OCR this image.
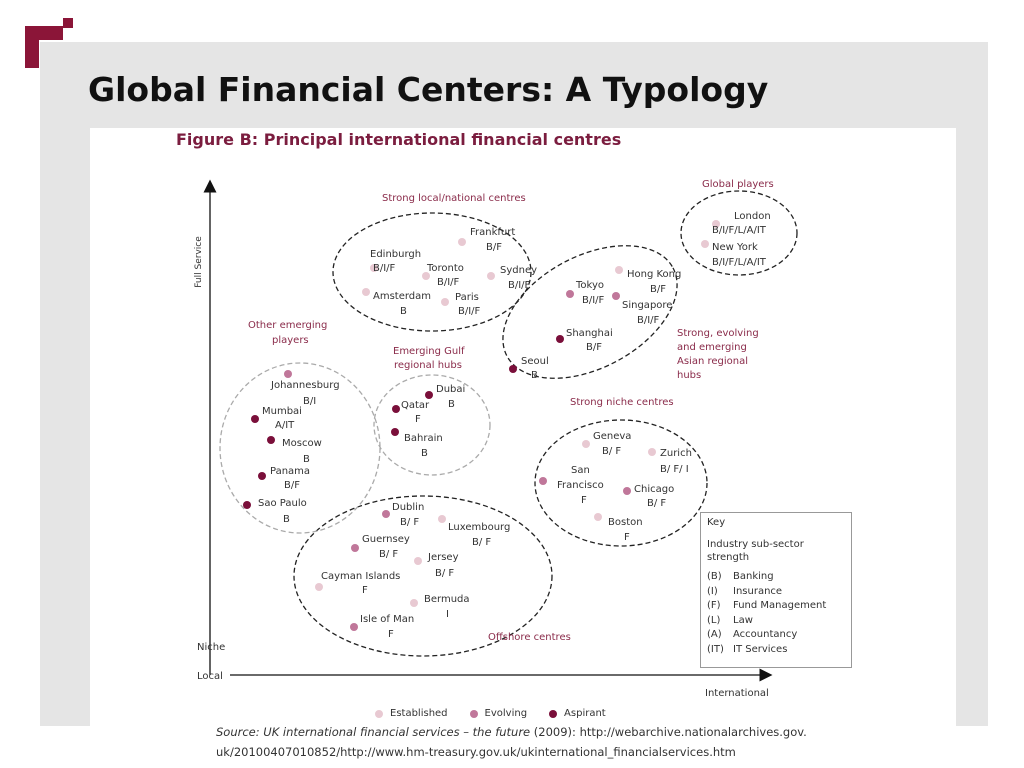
Global Financial Centers: A Typology
Figure B: Principal international financial centres
Full Service
Niche
Local
International
Strong local/national centres
Global players
Strong, evolving and emerging Asian regional hubs
Other emerging players
Emerging Gulf regional hubs
Strong niche centres
Offshore centres
Frankfurt
B/F
Edinburgh
B/I/F	Toronto
B/I/F
Sydney
B/I/F
Amsterdam
B
Paris
B/I/F
London
B/I/F/L/A/IT
New York
B/I/F/L/A/IT
Hong Kong
B/F
Tokyo
B/I/F Singapore
B/I/F
Shanghai
B/F
Seoul
B
Johannesburg
B/I
Mumbai
A/IT
Moscow
B
Panama
B/F
Sao Paulo
B
Dubai
B
Qatar
F
Bahrain
B
Geneva
B/ F	Zurich
B/ F/ I
San Francisco
F
Chicago
B/ F
Boston
F
Dublin
B/ F	Luxembourg
B/ F
Guernsey
B/ F	Jersey
B/ F
Cayman Islands
F
Bermuda
I
Isle of Man
F
Key
Industry sub-sector strength
(B)	Banking
(I)	Insurance
(F)	Fund Management
(L)	Law
(A)	Accountancy
(IT) IT Services
Established	Evolving	Aspirant
Source: UK international financial services – the future (2009): http://webarchive.nationalarchives.gov.
uk/20100407010852/http://www.hm-treasury.gov.uk/ukinternational_financialservices.htm
